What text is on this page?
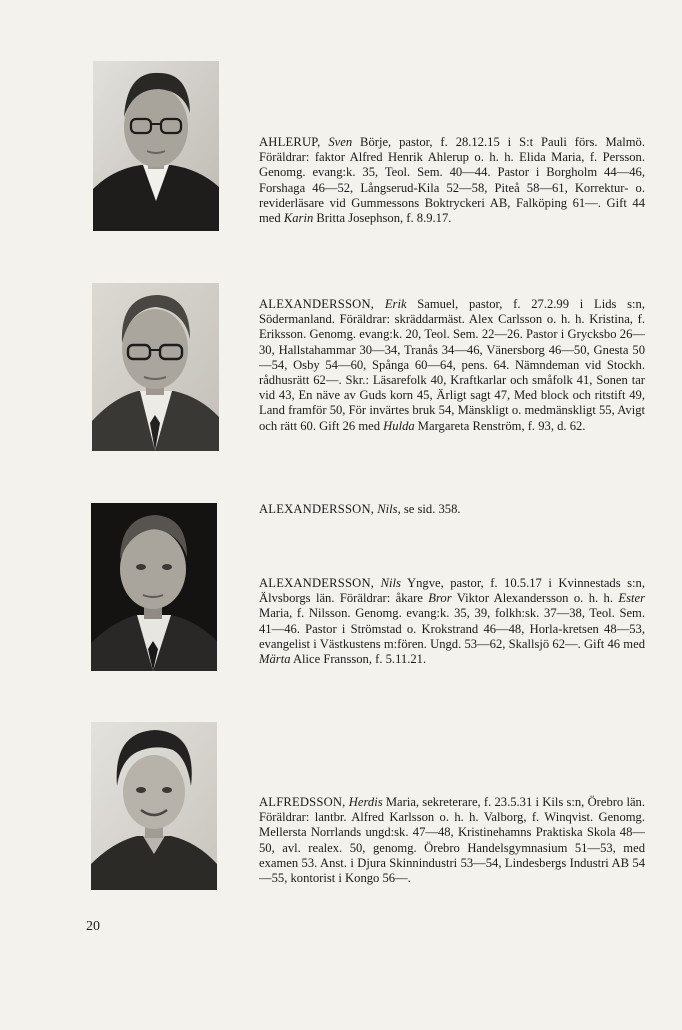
AHLERUP, Sven Börje, pastor, f. 28.12.15 i S:t Pauli förs. Malmö. Föräldrar: faktor Alfred Henrik Ahlerup o. h. h. Elida Maria, f. Persson. Genomg. evang:k. 35, Teol. Sem. 40—44. Pastor i Borgholm 44—46, Forshaga 46—52, Långserud-Kila 52—58, Piteå 58—61, Korrektur- o. reviderläsare vid Gummessons Boktryckeri AB, Falköping 61—. Gift 44 med Karin Britta Josephson, f. 8.9.17.

ALEXANDERSSON, Erik Samuel, pastor, f. 27.2.99 i Lids s:n, Södermanland. Föräldrar: skräddarmäst. Alex Carlsson o. h. h. Kristina, f. Eriksson. Genomg. evang:k. 20, Teol. Sem. 22—26. Pastor i Grycksbo 26—30, Hallstahammar 30—34, Tranås 34—46, Vänersborg 46—50, Gnesta 50—54, Osby 54—60, Spånga 60—64, pens. 64. Nämndeman vid Stockh. rådhusrätt 62—. Skr.: Läsarefolk 40, Kraftkarlar och småfolk 41, Sonen tar vid 43, En näve av Guds korn 45, Ärligt sagt 47, Med block och ritstift 49, Land framför 50, För invärtes bruk 54, Mänskligt o. medmänskligt 55, Avigt och rätt 60. Gift 26 med Hulda Margareta Renström, f. 93, d. 62.

ALEXANDERSSON, Nils, se sid. 358.

ALEXANDERSSON, Nils Yngve, pastor, f. 10.5.17 i Kvinnestads s:n, Älvsborgs län. Föräldrar: åkare Bror Viktor Alexandersson o. h. h. Ester Maria, f. Nilsson. Genomg. evang:k. 35, 39, folkh:sk. 37—38, Teol. Sem. 41—46. Pastor i Strömstad o. Krokstrand 46—48, Horla-kretsen 48—53, evangelist i Västkustens m:fören. Ungd. 53—62, Skallsjö 62—. Gift 46 med Märta Alice Fransson, f. 5.11.21.

ALFREDSSON, Herdis Maria, sekreterare, f. 23.5.31 i Kils s:n, Örebro län. Föräldrar: lantbr. Alfred Karlsson o. h. h. Valborg, f. Winqvist. Genomg. Mellersta Norrlands ungd:sk. 47—48, Kristinehamns Praktiska Skola 48—50, avl. realex. 50, genomg. Örebro Handelsgymnasium 51—53, med examen 53. Anst. i Djura Skinnindustri 53—54, Lindesbergs Industri AB 54—55, kontorist i Kongo 56—.

20
